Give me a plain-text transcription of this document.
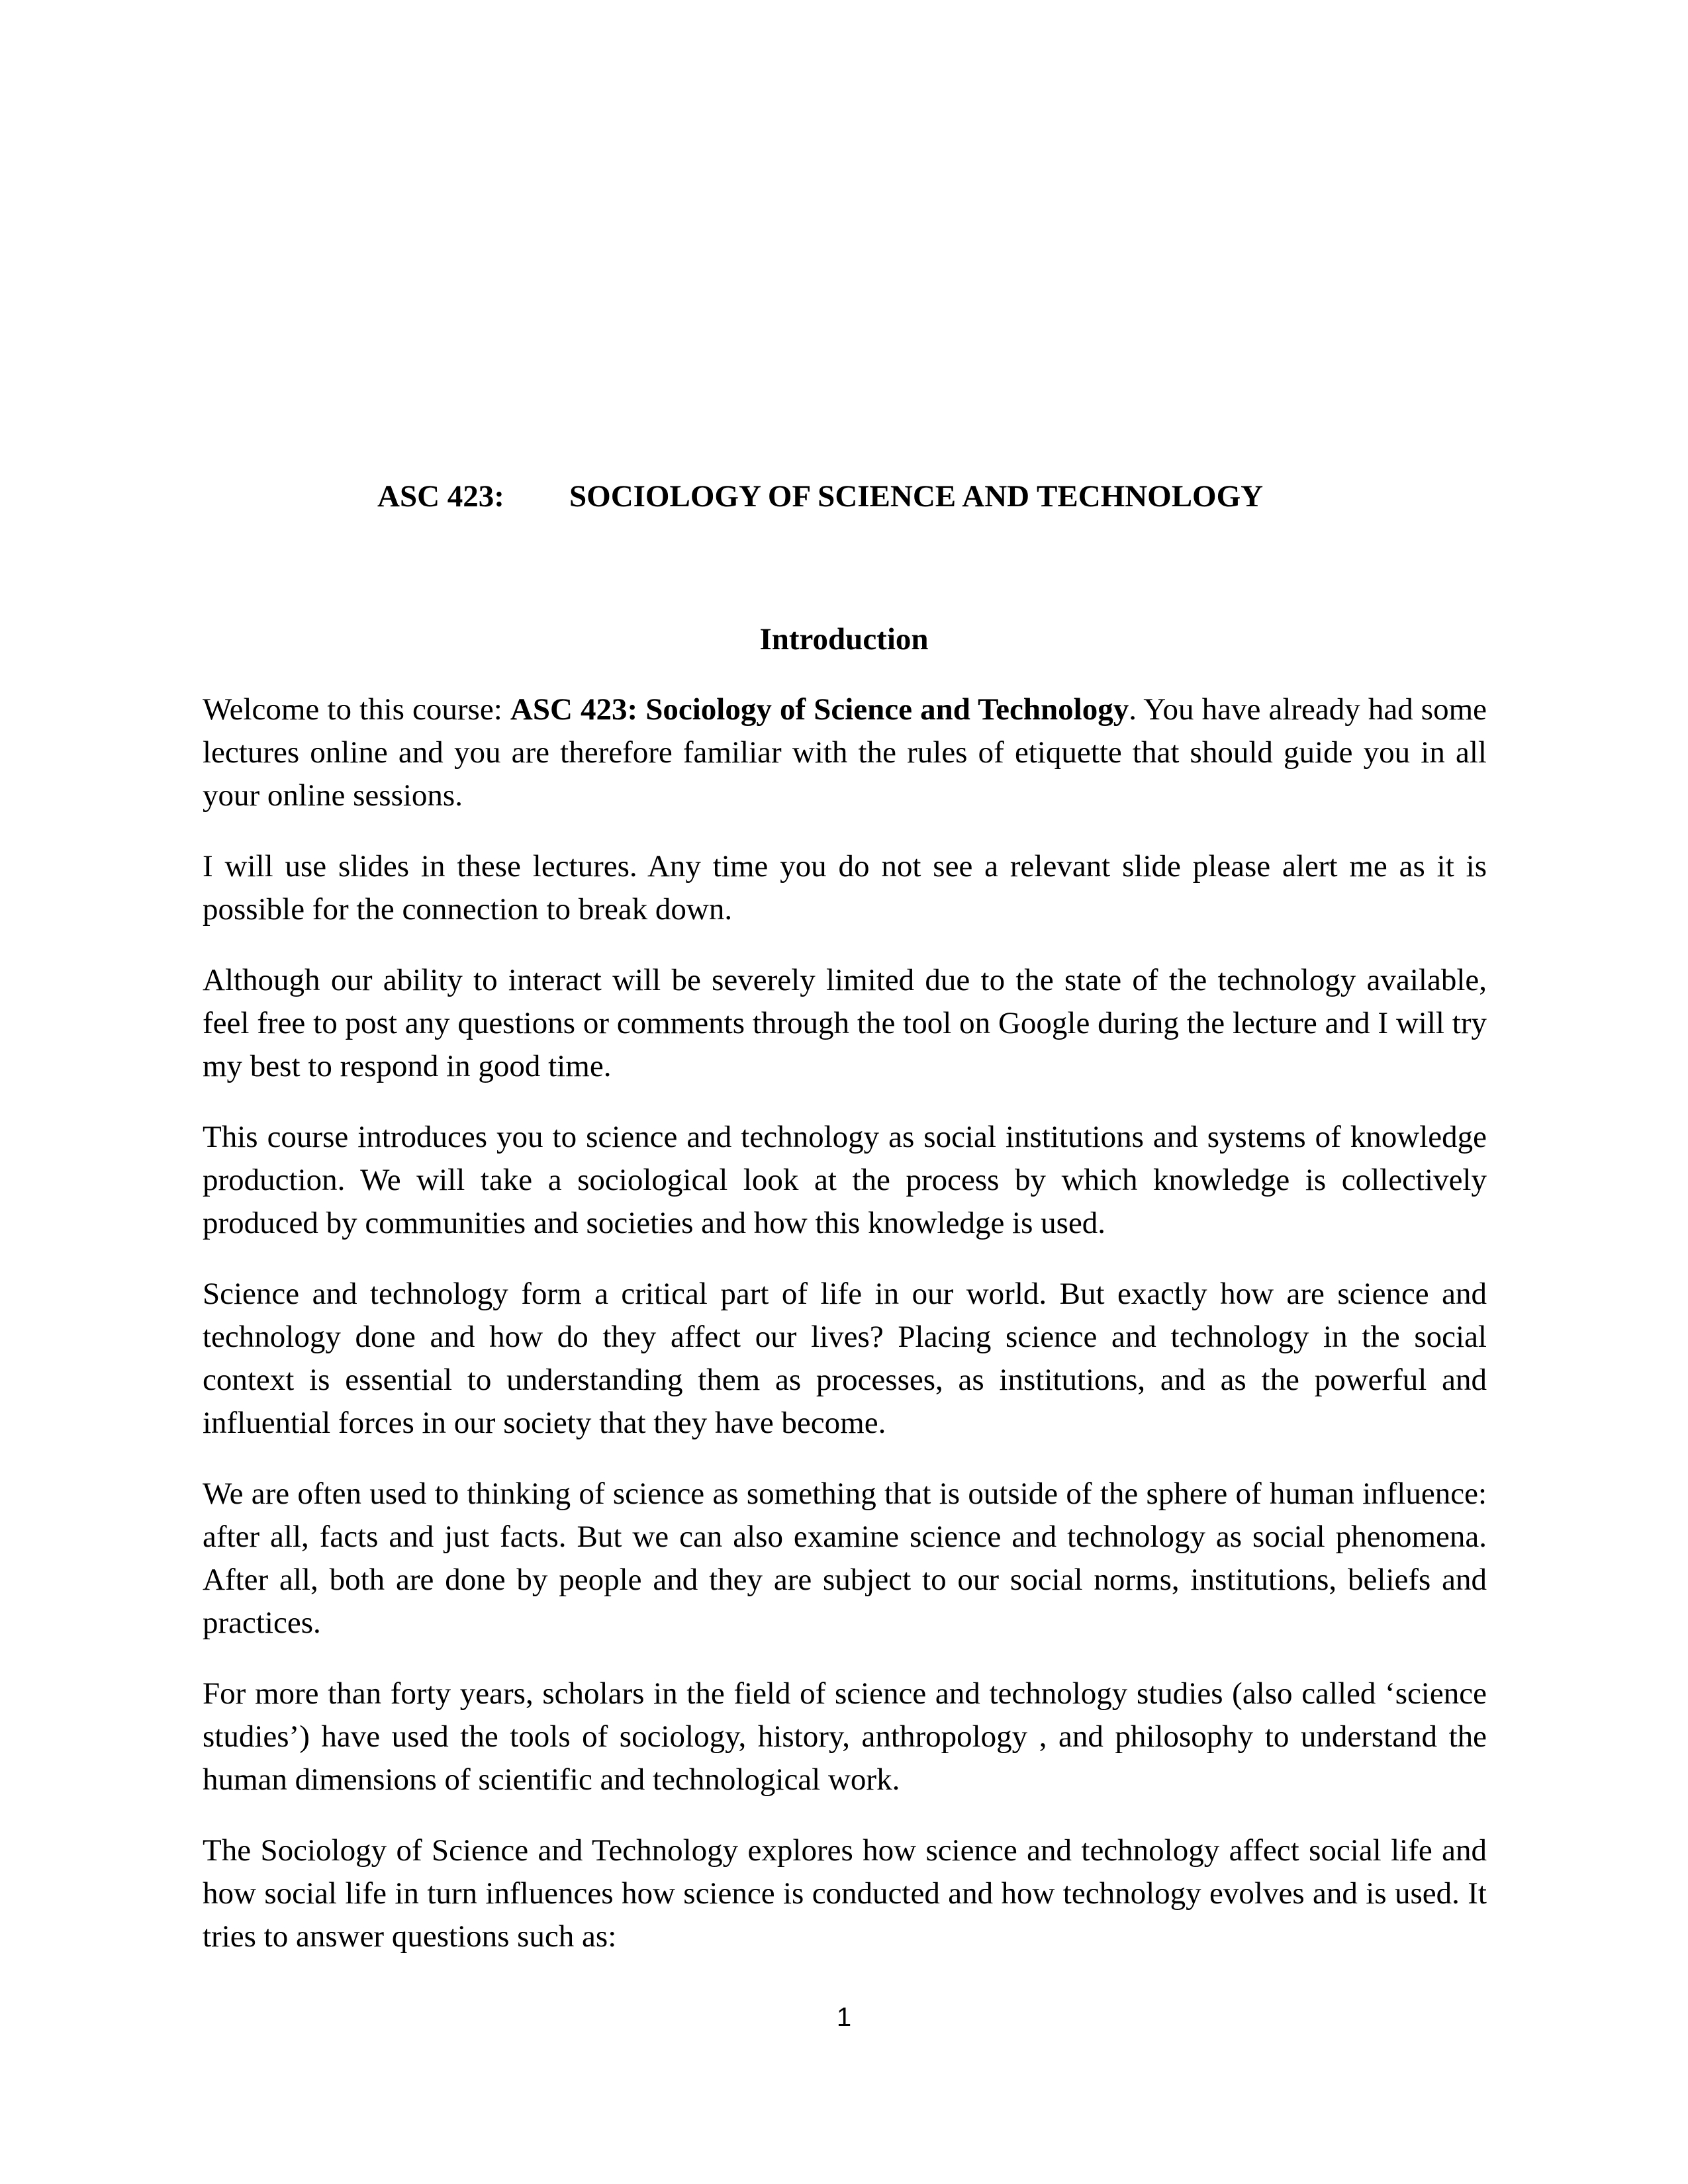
ASC 423: SOCIOLOGY OF SCIENCE AND TECHNOLOGY
Introduction

Welcome to this course: ASC 423: Sociology of Science and Technology. You have already had some lectures online and you are therefore familiar with the rules of etiquette that should guide you in all your online sessions.

I will use slides in these lectures. Any time you do not see a relevant slide please alert me as it is possible for the connection to break down.

Although our ability to interact will be severely limited due to the state of the technology available, feel free to post any questions or comments through the tool on Google during the lecture and I will try my best to respond in good time.

This course introduces you to science and technology as social institutions and systems of knowledge production. We will take a sociological look at the process by which knowledge is collectively produced by communities and societies and how this knowledge is used.

Science and technology form a critical part of life in our world. But exactly how are science and technology done and how do they affect our lives? Placing science and technology in the social context is essential to understanding them as processes, as institutions, and as the powerful and influential forces in our society that they have become.

We are often used to thinking of science as something that is outside of the sphere of human influence: after all, facts and just facts. But we can also examine science and technology as social phenomena. After all, both are done by people and they are subject to our social norms, institutions, beliefs and practices.

For more than forty years, scholars in the field of science and technology studies (also called ‘science studies’) have used the tools of sociology, history, anthropology , and philosophy to understand the human dimensions of scientific and technological work.

The Sociology of Science and Technology explores how science and technology affect social life and how social life in turn influences how science is conducted and how technology evolves and is used. It tries to answer questions such as:

1
